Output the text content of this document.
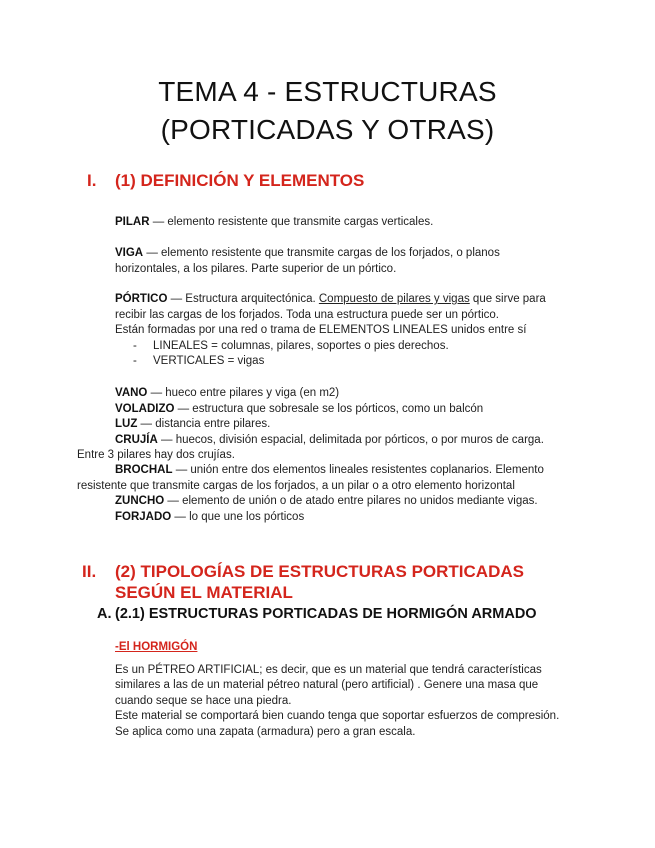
TEMA 4 - ESTRUCTURAS
(PORTICADAS Y OTRAS)
I. (1) DEFINICIÓN Y ELEMENTOS
PILAR — elemento resistente que transmite cargas verticales.
VIGA — elemento resistente que transmite cargas de los forjados, o planos
horizontales, a los pilares. Parte superior de un pórtico.
PÓRTICO — Estructura arquitectónica. Compuesto de pilares y vigas que sirve para
recibir las cargas de los forjados. Toda una estructura puede ser un pórtico.
Están formadas por una red o trama de ELEMENTOS LINEALES unidos entre sí
- LINEALES = columnas, pilares, soportes o pies derechos.
- VERTICALES = vigas
VANO — hueco entre pilares y viga (en m2)
VOLADIZO — estructura que sobresale se los pórticos, como un balcón
LUZ — distancia entre pilares.
CRUJÍA — huecos, división espacial, delimitada por pórticos, o por muros de carga.
Entre 3 pilares hay dos crujías.
BROCHAL — unión entre dos elementos lineales resistentes coplanarios. Elemento
resistente que transmite cargas de los forjados, a un pilar o a otro elemento horizontal
ZUNCHO — elemento de unión o de atado entre pilares no unidos mediante vigas.
FORJADO — lo que une los pórticos
II. (2) TIPOLOGÍAS DE ESTRUCTURAS PORTICADAS
SEGÚN EL MATERIAL
A. (2.1) ESTRUCTURAS PORTICADAS DE HORMIGÓN ARMADO
-El HORMIGÓN
Es un PÉTREO ARTIFICIAL; es decir, que es un material que tendrá características
similares a las de un material pétreo natural (pero artificial) . Genere una masa que
cuando seque se hace una piedra.
Este material se comportará bien cuando tenga que soportar esfuerzos de compresión.
Se aplica como una zapata (armadura) pero a gran escala.
